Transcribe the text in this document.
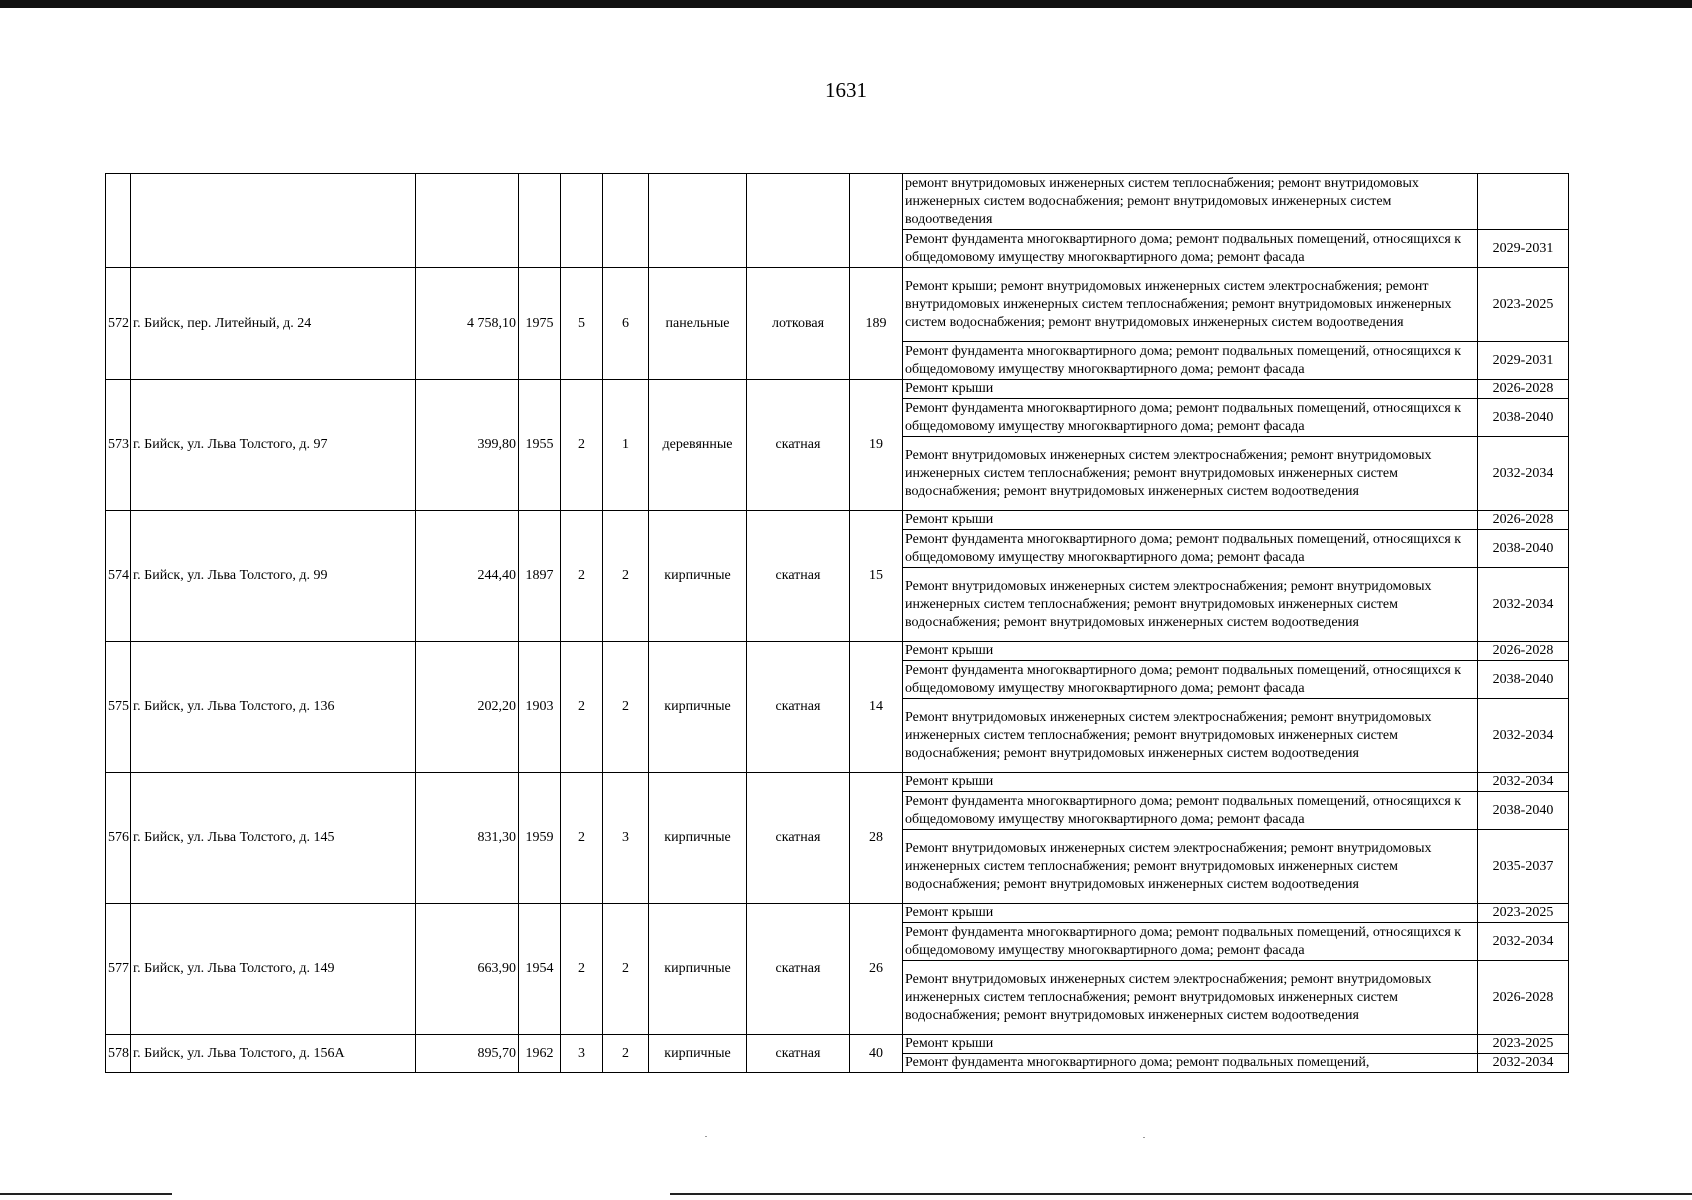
1631
									ремонт внутридомовых инженерных систем теплоснабжения; ремонт внутридомовых инженерных систем водоснабжения; ремонт внутридомовых инженерных систем водоотведения	
									Ремонт фундамента многоквартирного дома; ремонт подвальных помещений, относящихся к общедомовому имуществу многоквартирного дома; ремонт фасада	2029-2031
572	г. Бийск, пер. Литейный, д. 24	4 758,10	1975	5	6	панельные	лотковая	189	Ремонт крыши; ремонт внутридомовых инженерных систем электроснабжения; ремонт внутридомовых инженерных систем теплоснабжения; ремонт внутридомовых инженерных систем водоснабжения; ремонт внутридомовых инженерных систем водоотведения	2023-2025
									Ремонт фундамента многоквартирного дома; ремонт подвальных помещений, относящихся к общедомовому имуществу многоквартирного дома; ремонт фасада	2029-2031
573	г. Бийск, ул. Льва Толстого, д. 97	399,80	1955	2	1	деревянные	скатная	19	Ремонт крыши	2026-2028
									Ремонт фундамента многоквартирного дома; ремонт подвальных помещений, относящихся к общедомовому имуществу многоквартирного дома; ремонт фасада	2038-2040
									Ремонт внутридомовых инженерных систем электроснабжения; ремонт внутридомовых инженерных систем теплоснабжения; ремонт внутридомовых инженерных систем водоснабжения; ремонт внутридомовых инженерных систем водоотведения	2032-2034
574	г. Бийск, ул. Льва Толстого, д. 99	244,40	1897	2	2	кирпичные	скатная	15	Ремонт крыши	2026-2028
									Ремонт фундамента многоквартирного дома; ремонт подвальных помещений, относящихся к общедомовому имуществу многоквартирного дома; ремонт фасада	2038-2040
									Ремонт внутридомовых инженерных систем электроснабжения; ремонт внутридомовых инженерных систем теплоснабжения; ремонт внутридомовых инженерных систем водоснабжения; ремонт внутридомовых инженерных систем водоотведения	2032-2034
575	г. Бийск, ул. Льва Толстого, д. 136	202,20	1903	2	2	кирпичные	скатная	14	Ремонт крыши	2026-2028
									Ремонт фундамента многоквартирного дома; ремонт подвальных помещений, относящихся к общедомовому имуществу многоквартирного дома; ремонт фасада	2038-2040
									Ремонт внутридомовых инженерных систем электроснабжения; ремонт внутридомовых инженерных систем теплоснабжения; ремонт внутридомовых инженерных систем водоснабжения; ремонт внутридомовых инженерных систем водоотведения	2032-2034
576	г. Бийск, ул. Льва Толстого, д. 145	831,30	1959	2	3	кирпичные	скатная	28	Ремонт крыши	2032-2034
									Ремонт фундамента многоквартирного дома; ремонт подвальных помещений, относящихся к общедомовому имуществу многоквартирного дома; ремонт фасада	2038-2040
									Ремонт внутридомовых инженерных систем электроснабжения; ремонт внутридомовых инженерных систем теплоснабжения; ремонт внутридомовых инженерных систем водоснабжения; ремонт внутридомовых инженерных систем водоотведения	2035-2037
577	г. Бийск, ул. Льва Толстого, д. 149	663,90	1954	2	2	кирпичные	скатная	26	Ремонт крыши	2023-2025
									Ремонт фундамента многоквартирного дома; ремонт подвальных помещений, относящихся к общедомовому имуществу многоквартирного дома; ремонт фасада	2032-2034
									Ремонт внутридомовых инженерных систем электроснабжения; ремонт внутридомовых инженерных систем теплоснабжения; ремонт внутридомовых инженерных систем водоснабжения; ремонт внутридомовых инженерных систем водоотведения	2026-2028
578	г. Бийск, ул. Льва Толстого, д. 156А	895,70	1962	3	2	кирпичные	скатная	40	Ремонт крыши	2023-2025
									Ремонт фундамента многоквартирного дома; ремонт подвальных помещений,	2032-2034
